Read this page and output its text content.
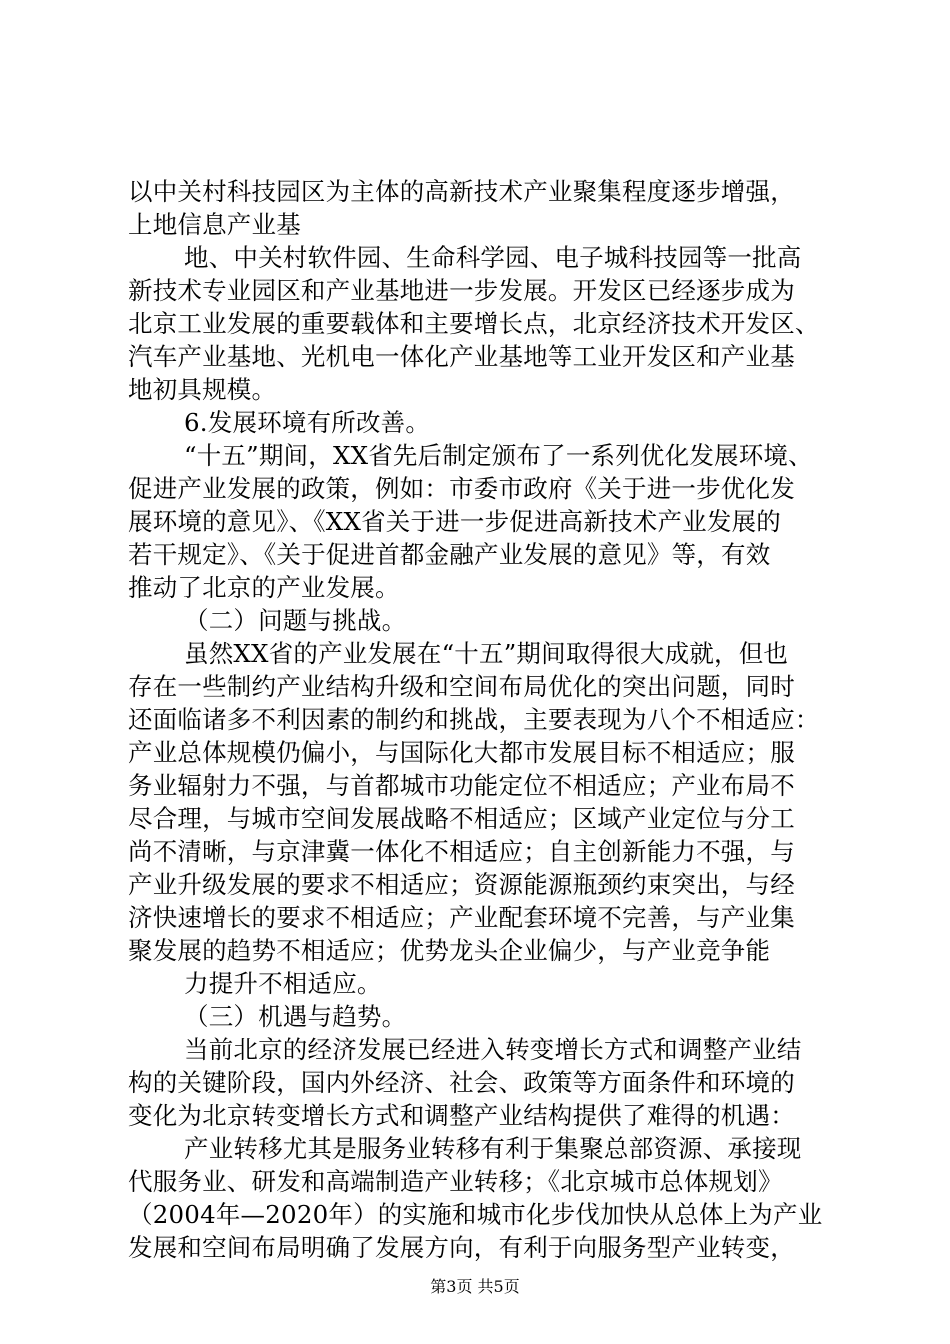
以中关村科技园区为主体的高新技术产业聚集程度逐步增强，
上地信息产业基
地、中关村软件园、生命科学园、电子城科技园等一批高
新技术专业园区和产业基地进一步发展。开发区已经逐步成为
北京工业发展的重要载体和主要增长点，北京经济技术开发区、
汽车产业基地、光机电一体化产业基地等工业开发区和产业基
地初具规模。
6.发展环境有所改善。
“十五”期间，XX省先后制定颁布了一系列优化发展环境、
促进产业发展的政策，例如：市委市政府《关于进一步优化发
展环境的意见》、《XX省关于进一步促进高新技术产业发展的
若干规定》、《关于促进首都金融产业发展的意见》等，有效
推动了北京的产业发展。
（二）问题与挑战。
虽然XX省的产业发展在“十五”期间取得很大成就，但也
存在一些制约产业结构升级和空间布局优化的突出问题，同时
还面临诸多不利因素的制约和挑战，主要表现为八个不相适应：
产业总体规模仍偏小，与国际化大都市发展目标不相适应；服
务业辐射力不强，与首都城市功能定位不相适应；产业布局不
尽合理，与城市空间发展战略不相适应；区域产业定位与分工
尚不清晰，与京津冀一体化不相适应；自主创新能力不强，与
产业升级发展的要求不相适应；资源能源瓶颈约束突出，与经
济快速增长的要求不相适应；产业配套环境不完善，与产业集
聚发展的趋势不相适应；优势龙头企业偏少，与产业竞争能
力提升不相适应。
（三）机遇与趋势。
当前北京的经济发展已经进入转变增长方式和调整产业结
构的关键阶段，国内外经济、社会、政策等方面条件和环境的
变化为北京转变增长方式和调整产业结构提供了难得的机遇：
产业转移尤其是服务业转移有利于集聚总部资源、承接现
代服务业、研发和高端制造产业转移；《北京城市总体规划》
（2004年—2020年）的实施和城市化步伐加快从总体上为产业
发展和空间布局明确了发展方向，有利于向服务型产业转变，
第3页 共5页
